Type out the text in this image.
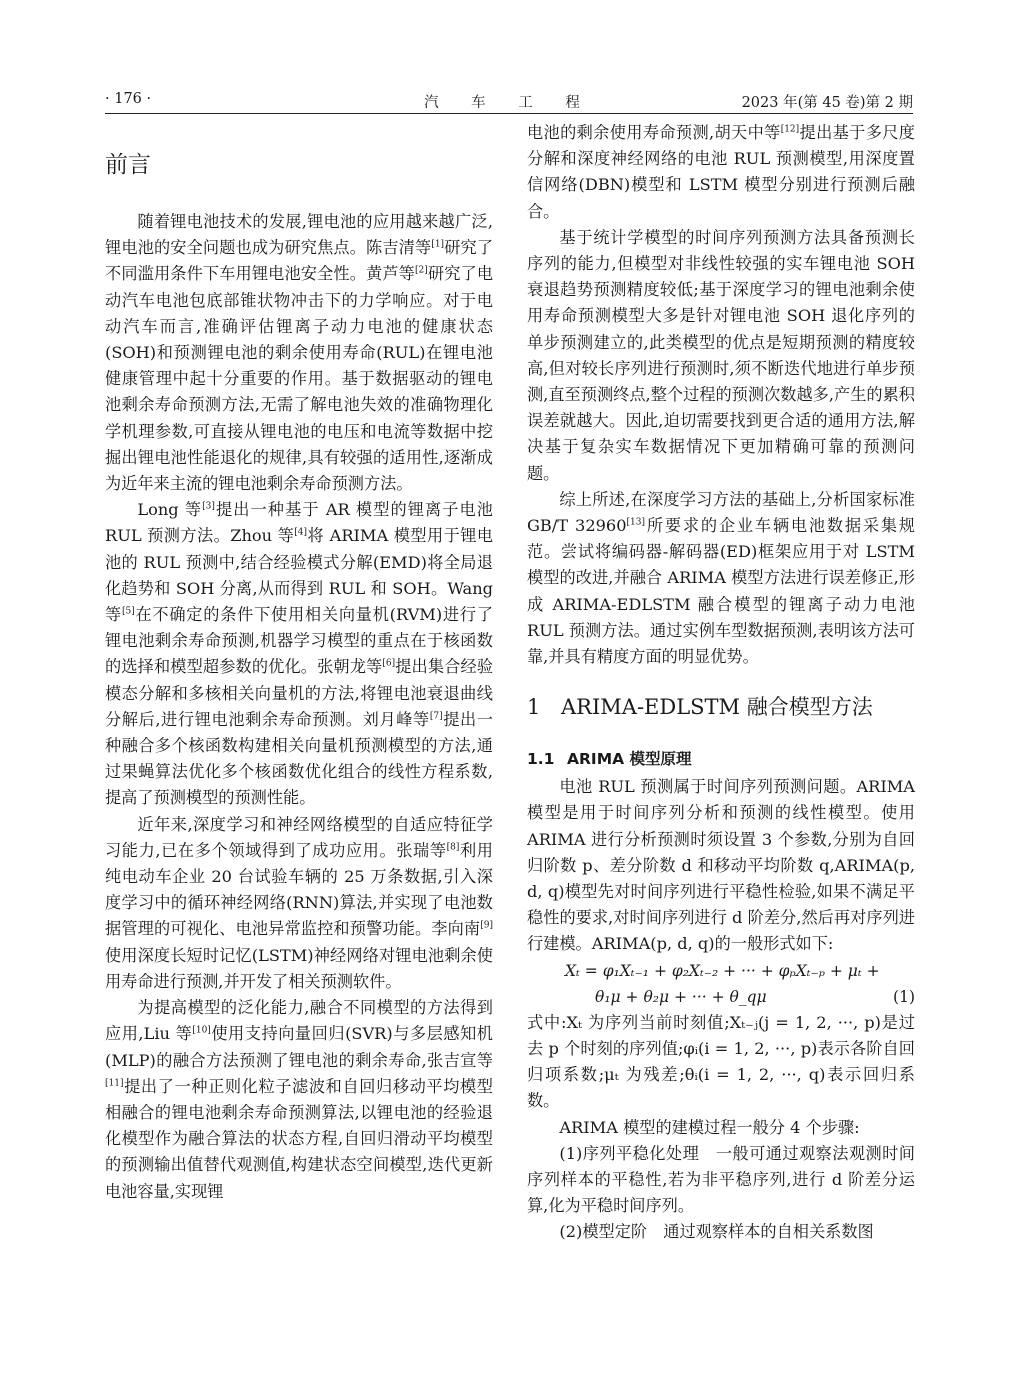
· 176 ·	汽 车 工 程	2023 年(第 45 卷)第 2 期
前言

随着锂电池技术的发展,锂电池的应用越来越广泛,锂电池的安全问题也成为研究焦点。陈吉清等[1]研究了不同滥用条件下车用锂电池安全性。黄芦等[2]研究了电动汽车电池包底部锥状物冲击下的力学响应。对于电动汽车而言,准确评估锂离子动力电池的健康状态(SOH)和预测锂电池的剩余使用寿命(RUL)在锂电池健康管理中起十分重要的作用。基于数据驱动的锂电池剩余寿命预测方法,无需了解电池失效的准确物理化学机理参数,可直接从锂电池的电压和电流等数据中挖掘出锂电池性能退化的规律,具有较强的适用性,逐渐成为近年来主流的锂电池剩余寿命预测方法。

Long 等[3]提出一种基于 AR 模型的锂离子电池 RUL 预测方法。Zhou 等[4]将 ARIMA 模型用于锂电池的 RUL 预测中,结合经验模式分解(EMD)将全局退化趋势和 SOH 分离,从而得到 RUL 和 SOH。Wang 等[5]在不确定的条件下使用相关向量机(RVM)进行了锂电池剩余寿命预测,机器学习模型的重点在于核函数的选择和模型超参数的优化。张朝龙等[6]提出集合经验模态分解和多核相关向量机的方法,将锂电池衰退曲线分解后,进行锂电池剩余寿命预测。刘月峰等[7]提出一种融合多个核函数构建相关向量机预测模型的方法,通过果蝇算法优化多个核函数优化组合的线性方程系数,提高了预测模型的预测性能。

近年来,深度学习和神经网络模型的自适应特征学习能力,已在多个领域得到了成功应用。张瑞等[8]利用纯电动车企业 20 台试验车辆的 25 万条数据,引入深度学习中的循环神经网络(RNN)算法,并实现了电池数据管理的可视化、电池异常监控和预警功能。李向南[9]使用深度长短时记忆(LSTM)神经网络对锂电池剩余使用寿命进行预测,并开发了相关预测软件。

为提高模型的泛化能力,融合不同模型的方法得到应用,Liu 等[10]使用支持向量回归(SVR)与多层感知机(MLP)的融合方法预测了锂电池的剩余寿命,张吉宣等[11]提出了一种正则化粒子滤波和自回归移动平均模型相融合的锂电池剩余寿命预测算法,以锂电池的经验退化模型作为融合算法的状态方程,自回归滑动平均模型的预测输出值替代观测值,构建状态空间模型,迭代更新电池容量,实现锂

电池的剩余使用寿命预测,胡天中等[12]提出基于多尺度分解和深度神经网络的电池 RUL 预测模型,用深度置信网络(DBN)模型和 LSTM 模型分别进行预测后融合。

基于统计学模型的时间序列预测方法具备预测长序列的能力,但模型对非线性较强的实车锂电池 SOH 衰退趋势预测精度较低;基于深度学习的锂电池剩余使用寿命预测模型大多是针对锂电池 SOH 退化序列的单步预测建立的,此类模型的优点是短期预测的精度较高,但对较长序列进行预测时,须不断迭代地进行单步预测,直至预测终点,整个过程的预测次数越多,产生的累积误差就越大。因此,迫切需要找到更合适的通用方法,解决基于复杂实车数据情况下更加精确可靠的预测问题。

综上所述,在深度学习方法的基础上,分析国家标准 GB/T 32960[13]所要求的企业车辆电池数据采集规范。尝试将编码器-解码器(ED)框架应用于对 LSTM 模型的改进,并融合 ARIMA 模型方法进行误差修正,形成 ARIMA-EDLSTM 融合模型的锂离子动力电池 RUL 预测方法。通过实例车型数据预测,表明该方法可靠,并具有精度方面的明显优势。

1 ARIMA-EDLSTM 融合模型方法
1.1 ARIMA 模型原理

电池 RUL 预测属于时间序列预测问题。ARIMA 模型是用于时间序列分析和预测的线性模型。使用 ARIMA 进行分析预测时须设置 3 个参数,分别为自回归阶数 p、差分阶数 d 和移动平均阶数 q,ARIMA(p, d, q)模型先对时间序列进行平稳性检验,如果不满足平稳性的要求,对时间序列进行 d 阶差分,然后再对序列进行建模。ARIMA(p, d, q)的一般形式如下:

Xₜ = φ₁Xₜ₋₁ + φ₂Xₜ₋₂ + ··· + φₚXₜ₋ₚ + μₜ +
θ₁μ + θ₂μ + ··· + θ_qμ	(1)

式中:Xₜ 为序列当前时刻值;Xₜ₋ⱼ(j = 1, 2, ···, p)是过去 p 个时刻的序列值;φᵢ(i = 1, 2, ···, p)表示各阶自回归项系数;μₜ 为残差;θᵢ(i = 1, 2, ···, q)表示回归系数。

ARIMA 模型的建模过程一般分 4 个步骤:

(1)序列平稳化处理　一般可通过观察法观测时间序列样本的平稳性,若为非平稳序列,进行 d 阶差分运算,化为平稳时间序列。

(2)模型定阶　通过观察样本的自相关系数图
